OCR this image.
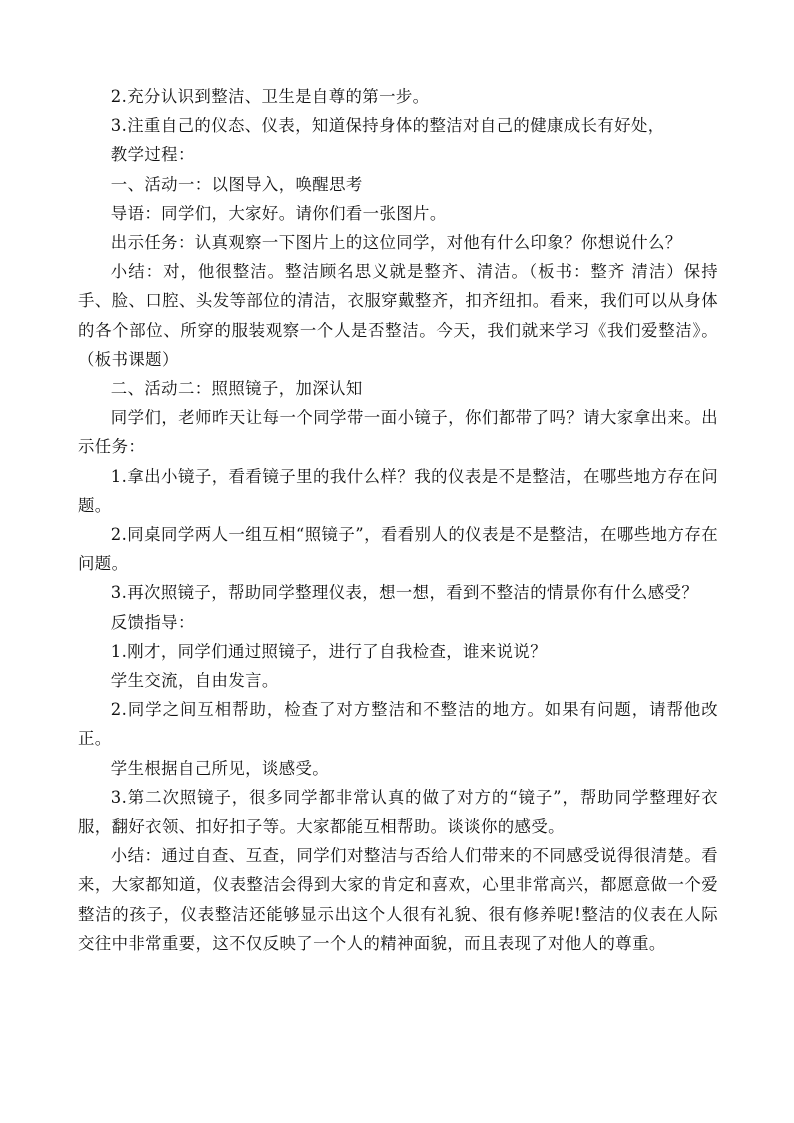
2.充分认识到整洁、卫生是自尊的第一步。

3.注重自己的仪态、仪表，知道保持身体的整洁对自己的健康成长有好处，

教学过程：

一、活动一：以图导入，唤醒思考

导语：同学们，大家好。请你们看一张图片。

出示任务：认真观察一下图片上的这位同学，对他有什么印象？你想说什么？

小结：对，他很整洁。整洁顾名思义就是整齐、清洁。（板书：整齐 清洁）保持手、脸、口腔、头发等部位的清洁，衣服穿戴整齐，扣齐纽扣。看来，我们可以从身体的各个部位、所穿的服装观察一个人是否整洁。今天，我们就来学习《我们爱整洁》。（板书课题）

二、活动二：照照镜子，加深认知

同学们，老师昨天让每一个同学带一面小镜子，你们都带了吗？请大家拿出来。出示任务：

1.拿出小镜子，看看镜子里的我什么样？我的仪表是不是整洁，在哪些地方存在问题。

2.同桌同学两人一组互相“照镜子”，看看别人的仪表是不是整洁，在哪些地方存在问题。

3.再次照镜子，帮助同学整理仪表，想一想，看到不整洁的情景你有什么感受？

反馈指导：

1.刚才，同学们通过照镜子，进行了自我检查，谁来说说？

学生交流，自由发言。

2.同学之间互相帮助，检查了对方整洁和不整洁的地方。如果有问题，请帮他改正。

学生根据自己所见，谈感受。

3.第二次照镜子，很多同学都非常认真的做了对方的“镜子”，帮助同学整理好衣服，翻好衣领、扣好扣子等。大家都能互相帮助。谈谈你的感受。

小结：通过自查、互查，同学们对整洁与否给人们带来的不同感受说得很清楚。看来，大家都知道，仪表整洁会得到大家的肯定和喜欢，心里非常高兴，都愿意做一个爱整洁的孩子，仪表整洁还能够显示出这个人很有礼貌、很有修养呢!整洁的仪表在人际交往中非常重要，这不仅反映了一个人的精神面貌，而且表现了对他人的尊重。
